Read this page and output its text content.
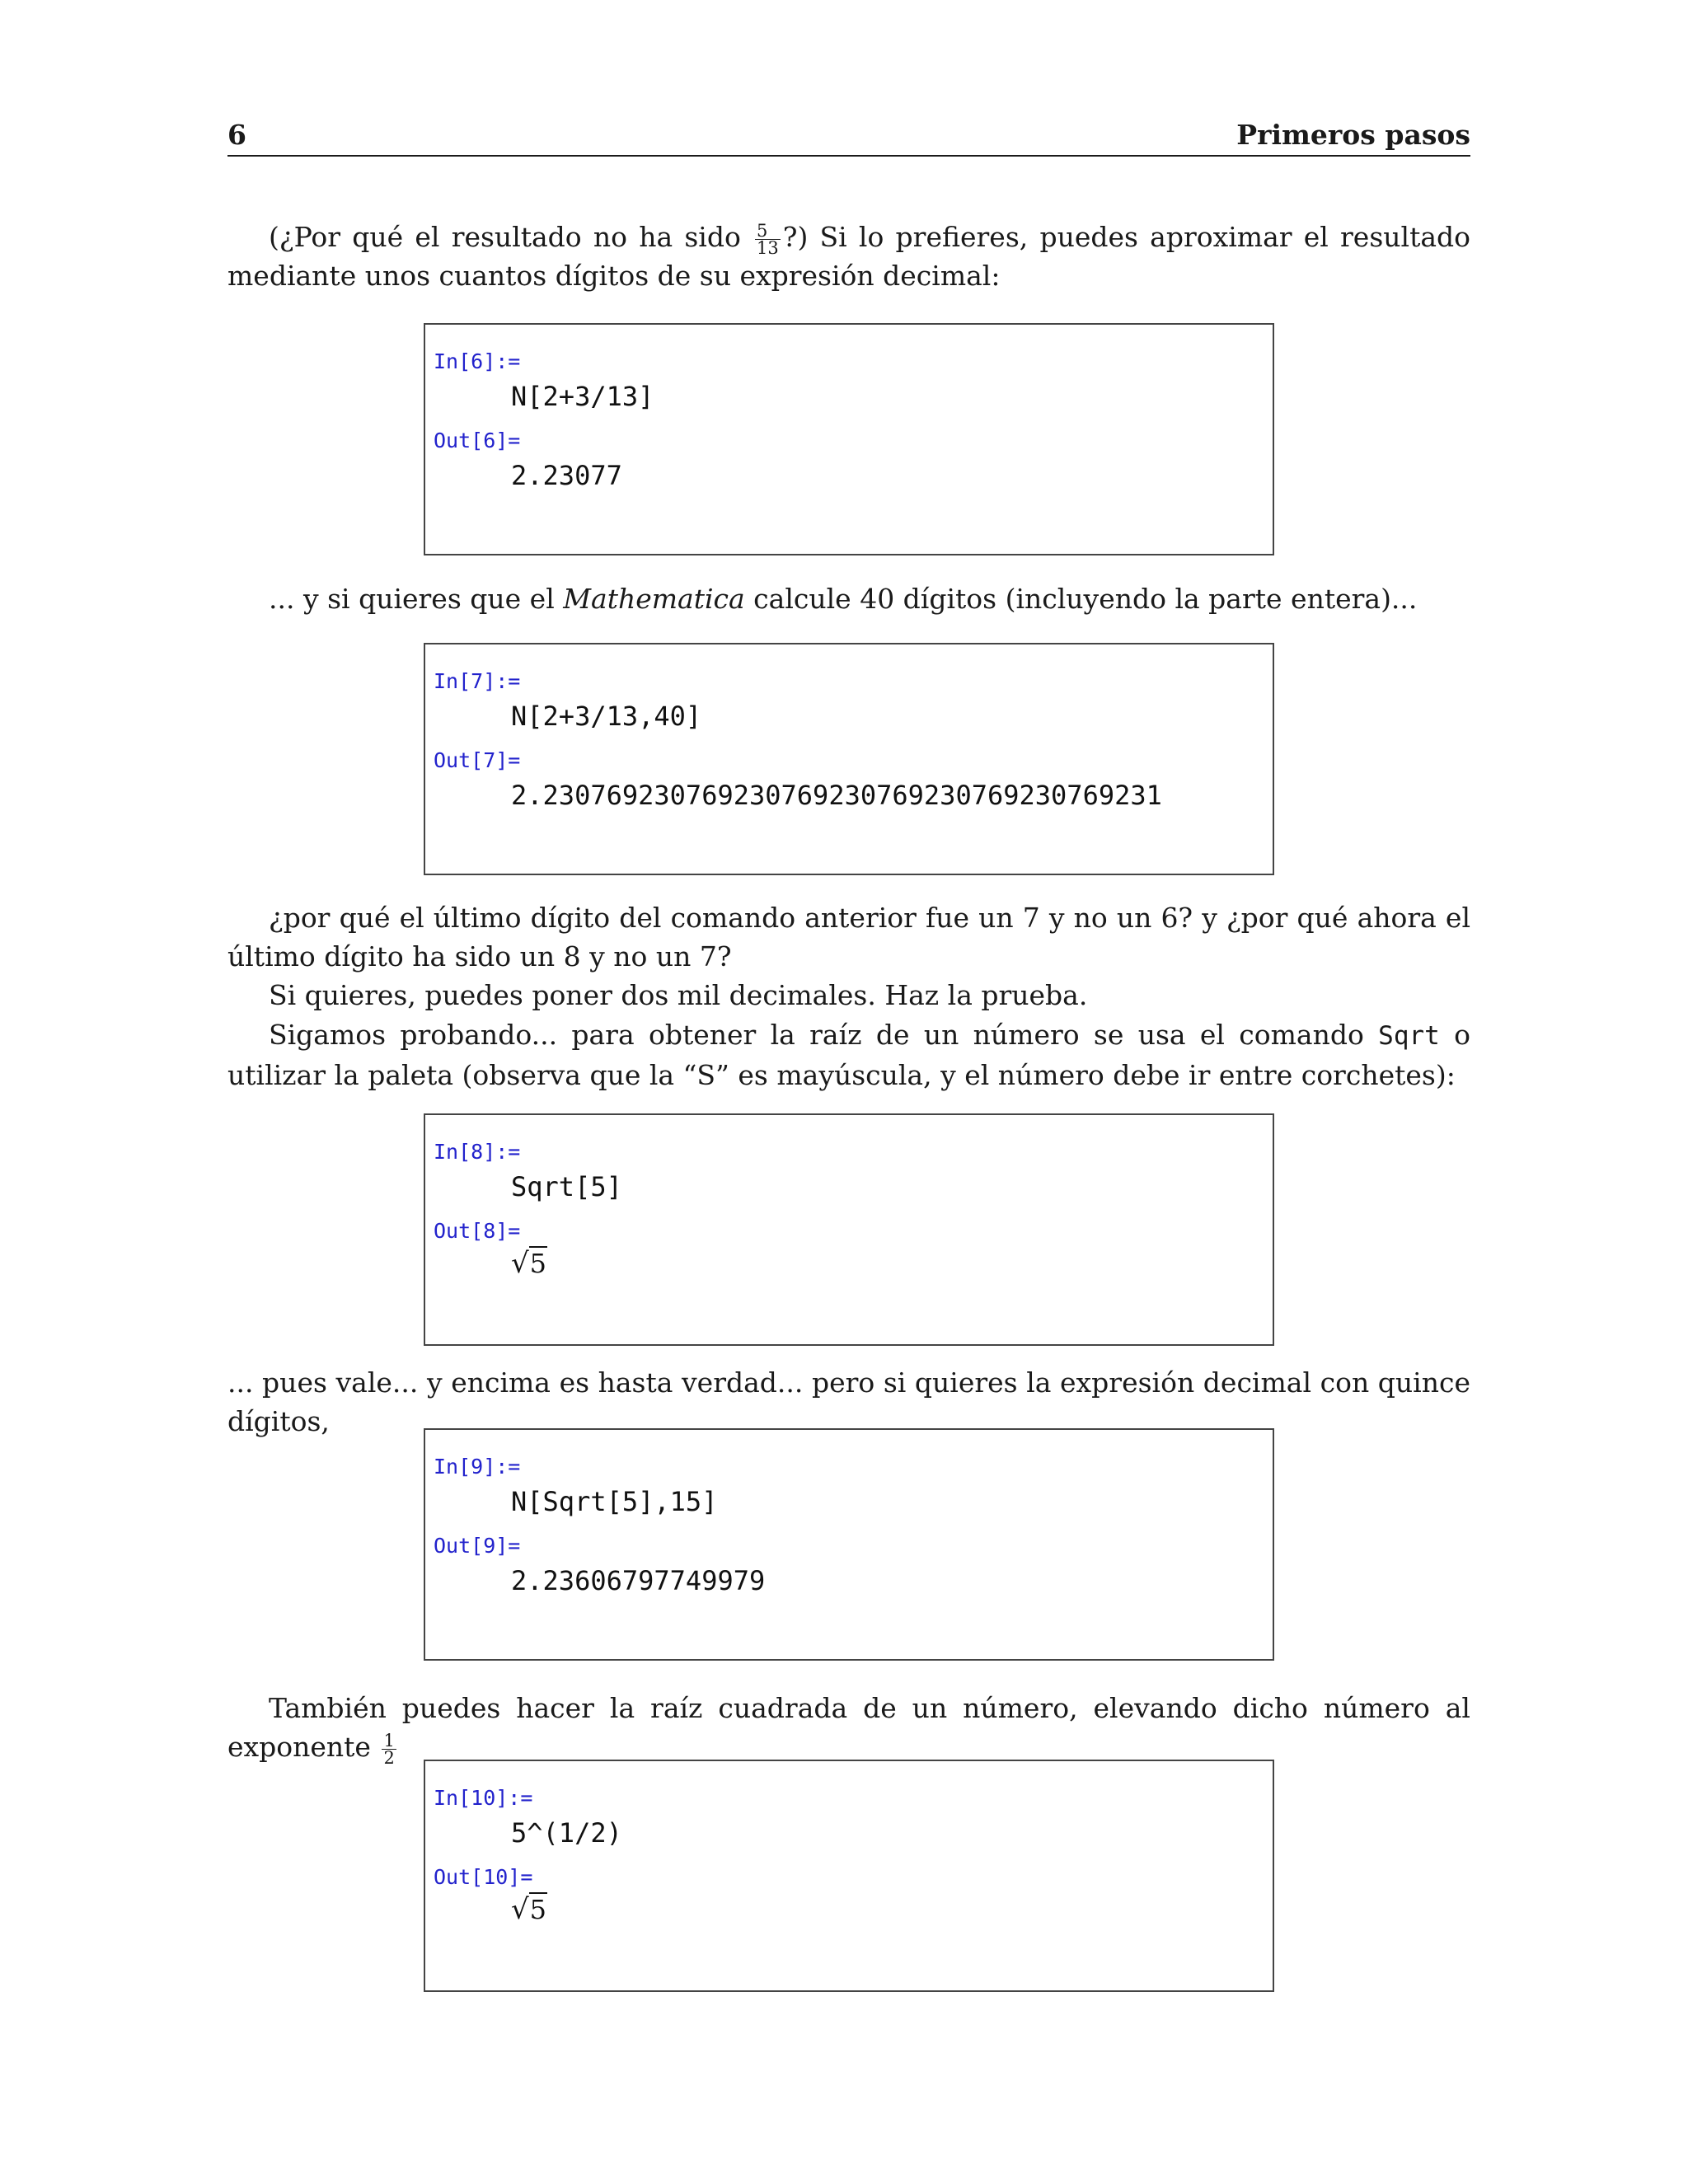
6	Primeros pasos
(¿Por qué el resultado no ha sido $\frac{5}{13}$ ?) Si lo prefieres, puedes aproximar el resultado mediante unos cuantos dígitos de su expresión decimal:
In[6]:=
N[2+3/13]
Out[6]=
2.23077
... y si quieres que el Mathematica calcule 40 dígitos (incluyendo la parte entera)...
In[7]:=
N[2+3/13,40]
Out[7]=
2.230769230769230769230769230769230769231
¿por qué el último dígito del comando anterior fue un 7 y no un 6? y ¿por qué ahora el último dígito ha sido un 8 y no un 7?
Si quieres, puedes poner dos mil decimales. Haz la prueba.
Sigamos probando... para obtener la raíz de un número se usa el comando Sqrt o utilizar la paleta (observa que la “S” es mayúscula, y el número debe ir entre corchetes):
In[8]:=
Sqrt[5]
Out[8]=
√5
... pues vale... y encima es hasta verdad... pero si quieres la expresión decimal con quince dígitos,
In[9]:=
N[Sqrt[5],15]
Out[9]=
2.23606797749979
También puedes hacer la raíz cuadrada de un número, elevando dicho número al exponente $\frac{1}{2}$
In[10]:=
5^(1/2)
Out[10]=
√5
